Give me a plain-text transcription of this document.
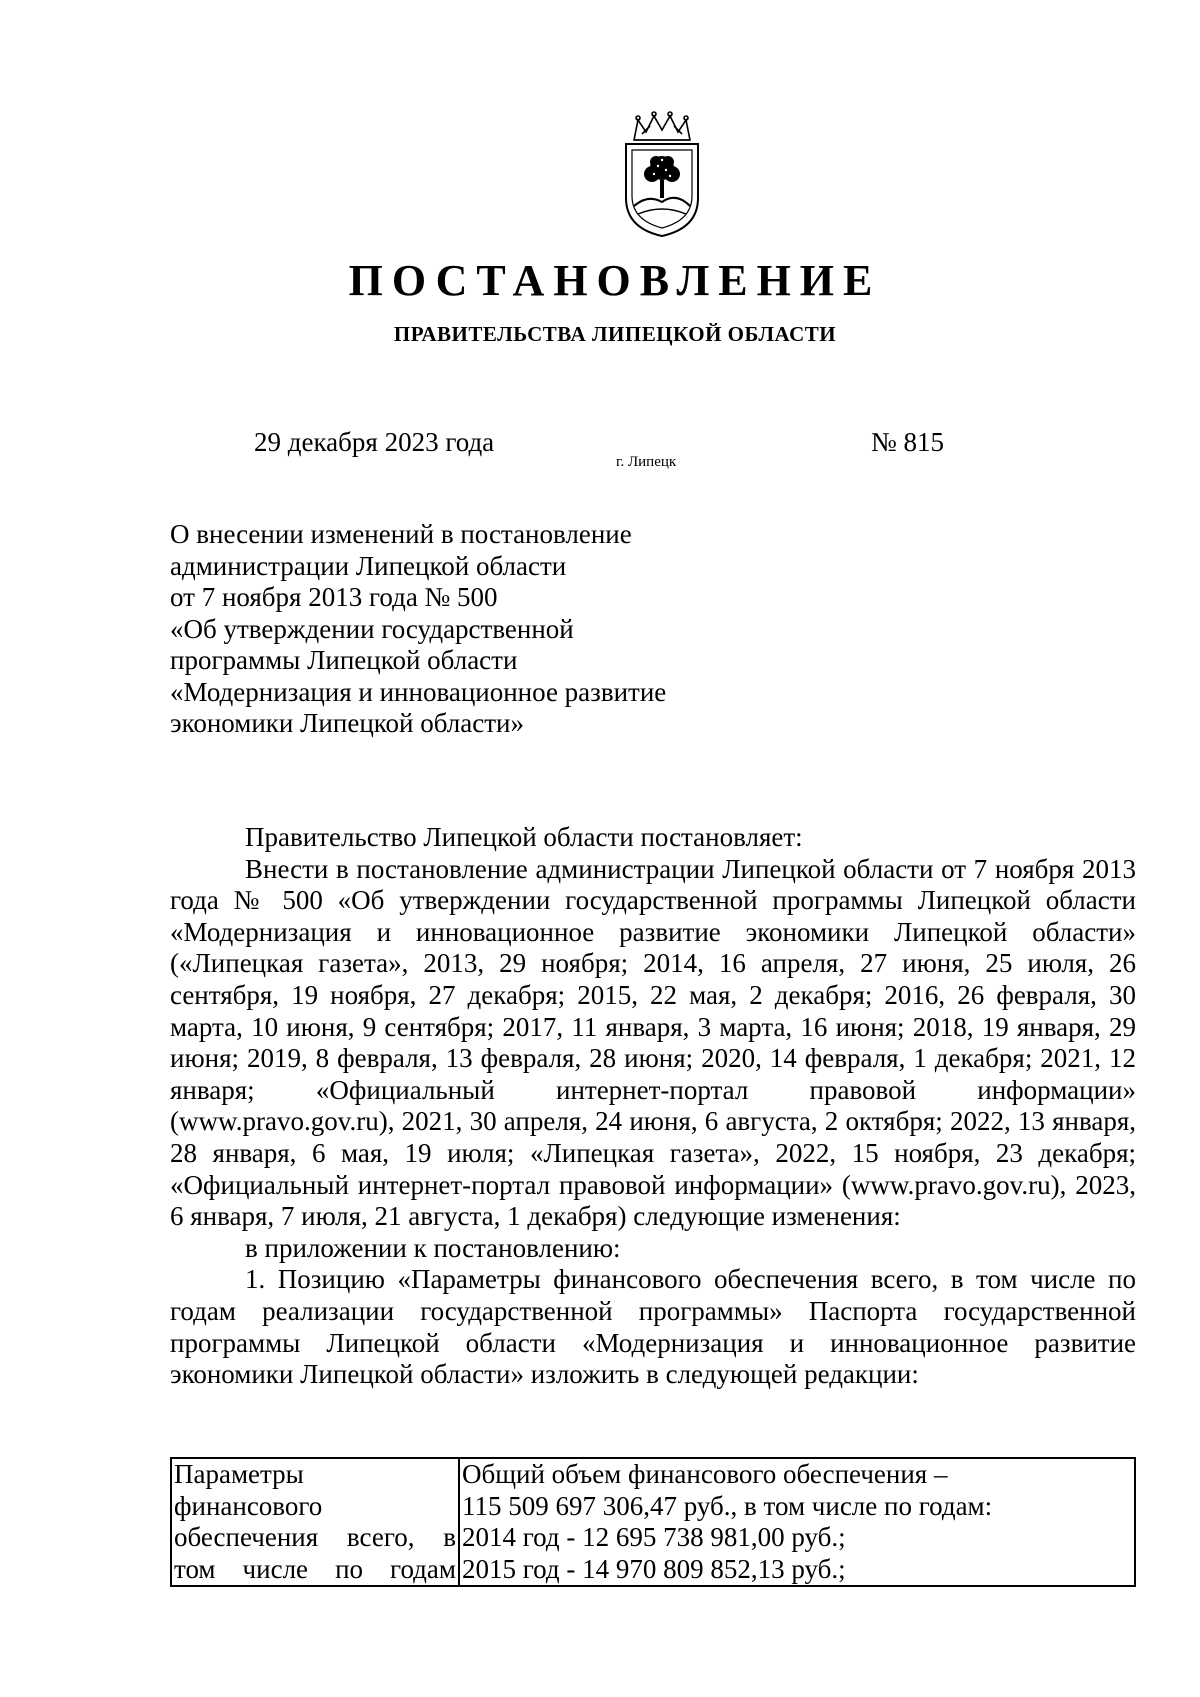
ПОСТАНОВЛЕНИЕ
ПРАВИТЕЛЬСТВА ЛИПЕЦКОЙ ОБЛАСТИ
29 декабря 2023 года
г. Липецк
№ 815
О внесении изменений в постановление
администрации Липецкой области
от 7 ноября 2013 года № 500
«Об утверждении государственной
программы Липецкой области
«Модернизация и инновационное развитие
экономики Липецкой области»

Правительство Липецкой области постановляет:

Внести в постановление администрации Липецкой области от 7 ноября 2013 года № 500 «Об утверждении государственной программы Липецкой области «Модернизация и инновационное развитие экономики Липецкой области» («Липецкая газета», 2013, 29 ноября; 2014, 16 апреля, 27 июня, 25 июля, 26 сентября, 19 ноября, 27 декабря; 2015, 22 мая, 2 декабря; 2016, 26 февраля, 30 марта, 10 июня, 9 сентября; 2017, 11 января, 3 марта, 16 июня; 2018, 19 января, 29 июня; 2019, 8 февраля, 13 февраля, 28 июня; 2020, 14 февраля, 1 декабря; 2021, 12 января; «Официальный интернет-портал правовой информации» (www.pravo.gov.ru), 2021, 30 апреля, 24 июня, 6 августа, 2 октября; 2022, 13 января, 28 января, 6 мая, 19 июля; «Липецкая газета», 2022, 15 ноября, 23 декабря; «Официальный интернет-портал правовой информации» (www.pravo.gov.ru), 2023, 6 января, 7 июля, 21 августа, 1 декабря) следующие изменения:

в приложении к постановлению:

1. Позицию «Параметры финансового обеспечения всего, в том числе по годам реализации государственной программы» Паспорта государственной программы Липецкой области «Модернизация и инновационное развитие экономики Липецкой области» изложить в следующей редакции:

Параметры
финансового
обеспечения всего, в
том числе по годам

Общий объем финансового обеспечения –
115 509 697 306,47 руб., в том числе по годам:
2014 год - 12 695 738 981,00 руб.;
2015 год - 14 970 809 852,13 руб.;
